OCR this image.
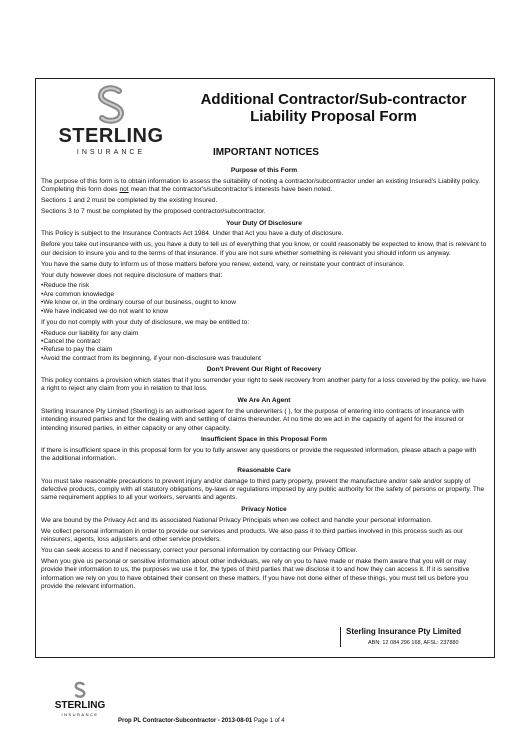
STERLING
INSURANCE
Additional Contractor/Sub-contractor
Liability Proposal Form
IMPORTANT NOTICES
Purpose of this Form

The purpose of this form is to obtain information to assess the suitability of noting a contractor/subcontractor under an existing Insured's Liability policy. Completing this form does not mean that the contractor's/subcontractor's interests have been noted.

Sections 1 and 2 must be completed by the existing Insured.

Sections 3 to 7 must be completed by the proposed contractor/subcontractor.

Your Duty Of Disclosure

This Policy is subject to the Insurance Contracts Act 1984. Under that Act you have a duty of disclosure.

Before you take out insurance with us, you have a duty to tell us of everything that you know, or could reasonably be expected to know, that is relevant to our decision to insure you and to the terms of that insurance. If you are not sure whether something is relevant you should inform us anyway.

You have the same duty to inform us of those matters before you renew, extend, vary, or reinstate your contract of insurance.

Your duty however does not require disclosure of matters that:

• Reduce the risk
• Are common knowledge
• We know or, in the ordinary course of our business, ought to know
• We have indicated we do not want to know

If you do not comply with your duty of disclosure, we may be entitled to:

• Reduce our liability for any claim
• Cancel the contract
• Refuse to pay the claim
• Avoid the contract from its beginning, if your non-disclosure was fraudulent
Don't Prevent Our Right of Recovery

This policy contains a provision which states that if you surrender your right to seek recovery from another party for a loss covered by the policy, we have a right to reject any claim from you in relation to that loss.

We Are An Agent

Sterling Insurance Pty Limited (Sterling) is an authorised agent for the underwriters ( ), for the purpose of entering into contracts of insurance with intending insured parties and for the dealing with and settling of claims thereunder. At no time do we act in the capacity of agent for the insured or intending insured parties, in either capacity or any other capacity.

Insufficient Space in this Proposal Form

If there is insufficient space in this proposal form for you to fully answer any questions or provide the requested information, please attach a page with the additional information.

Reasonable Care

You must take reasonable precautions to prevent injury and/or damage to third party property, prevent the manufacture and/or sale and/or supply of defective products, comply with all statutory obligations, by-laws or regulations imposed by any public authority for the safety of persons or property. The same requirement applies to all your workers, servants and agents.

Privacy Notice

We are bound by the Privacy Act and its associated National Privacy Principals when we collect and handle your personal information.

We collect personal information in order to provide our services and products. We also pass it to third parties involved in this process such as our reinsurers, agents, loss adjusters and other service providers.

You can seek access to and if necessary, correct your personal information by contacting our Privacy Officer.

When you give us personal or sensitive information about other individuals, we rely on you to have made or make them aware that you will or may provide their information to us, the purposes we use it for, the types of third parties that we disclose it to and how they can access it. If it is sensitive information we rely on you to have obtained their consent on these matters. If you have not done either of these things, you must tell us before you provide the relevant information.

Sterling Insurance Pty Limited
ABN: 12 084 296 168, AFSL: 237880
STERLING
INSURANCE
Prop PL Contractor-Subcontractor - 2013-08-01 Page 1 of 4
